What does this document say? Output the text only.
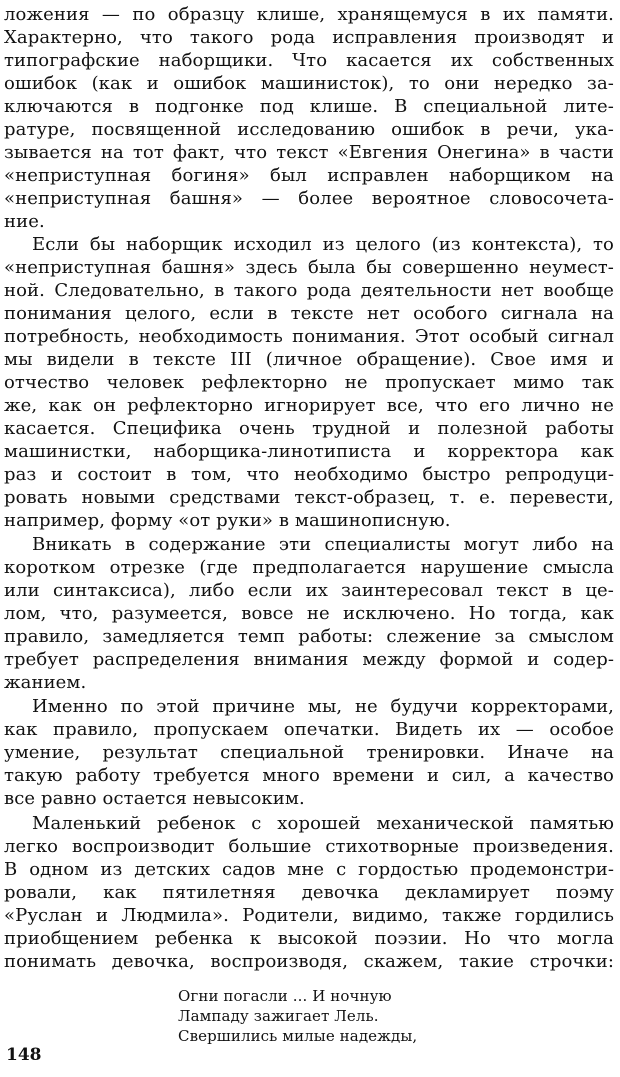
ложения — по образцу клише, хранящемуся в их памяти.
Характерно, что такого рода исправления производят и
типографские наборщики. Что касается их собственных
ошибок (как и ошибок машинисток), то они нередко за-
ключаются в подгонке под клише. В специальной лите-
ратуре, посвященной исследованию ошибок в речи, ука-
зывается на тот факт, что текст «Евгения Онегина» в части
«неприступная богиня» был исправлен наборщиком на
«неприступная башня» — более вероятное словосочета-
ние.
Если бы наборщик исходил из целого (из контекста), то
«неприступная башня» здесь была бы совершенно неумест-
ной. Следовательно, в такого рода деятельности нет вообще
понимания целого, если в тексте нет особого сигнала на
потребность, необходимость понимания. Этот особый сигнал
мы видели в тексте III (личное обращение). Свое имя и
отчество человек рефлекторно не пропускает мимо так
же, как он рефлекторно игнорирует все, что его лично не
касается. Специфика очень трудной и полезной работы
машинистки, наборщика-линотиписта и корректора как
раз и состоит в том, что необходимо быстро репродуци-
ровать новыми средствами текст-образец, т. е. перевести,
например, форму «от руки» в машинописную.
Вникать в содержание эти специалисты могут либо на
коротком отрезке (где предполагается нарушение смысла
или синтаксиса), либо если их заинтересовал текст в це-
лом, что, разумеется, вовсе не исключено. Но тогда, как
правило, замедляется темп работы: слежение за смыслом
требует распределения внимания между формой и содер-
жанием.
Именно по этой причине мы, не будучи корректорами,
как правило, пропускаем опечатки. Видеть их — особое
умение, результат специальной тренировки. Иначе на
такую работу требуется много времени и сил, а качество
все равно остается невысоким.
Маленький ребенок с хорошей механической памятью
легко воспроизводит большие стихотворные произведения.
В одном из детских садов мне с гордостью продемонстри-
ровали, как пятилетняя девочка декламирует поэму
«Руслан и Людмила». Родители, видимо, также гордились
приобщением ребенка к высокой поэзии. Но что могла
понимать девочка, воспроизводя, скажем, такие строчки:
Огни погасли ... И ночную
Лампаду зажигает Лель.
Свершились милые надежды,
148
